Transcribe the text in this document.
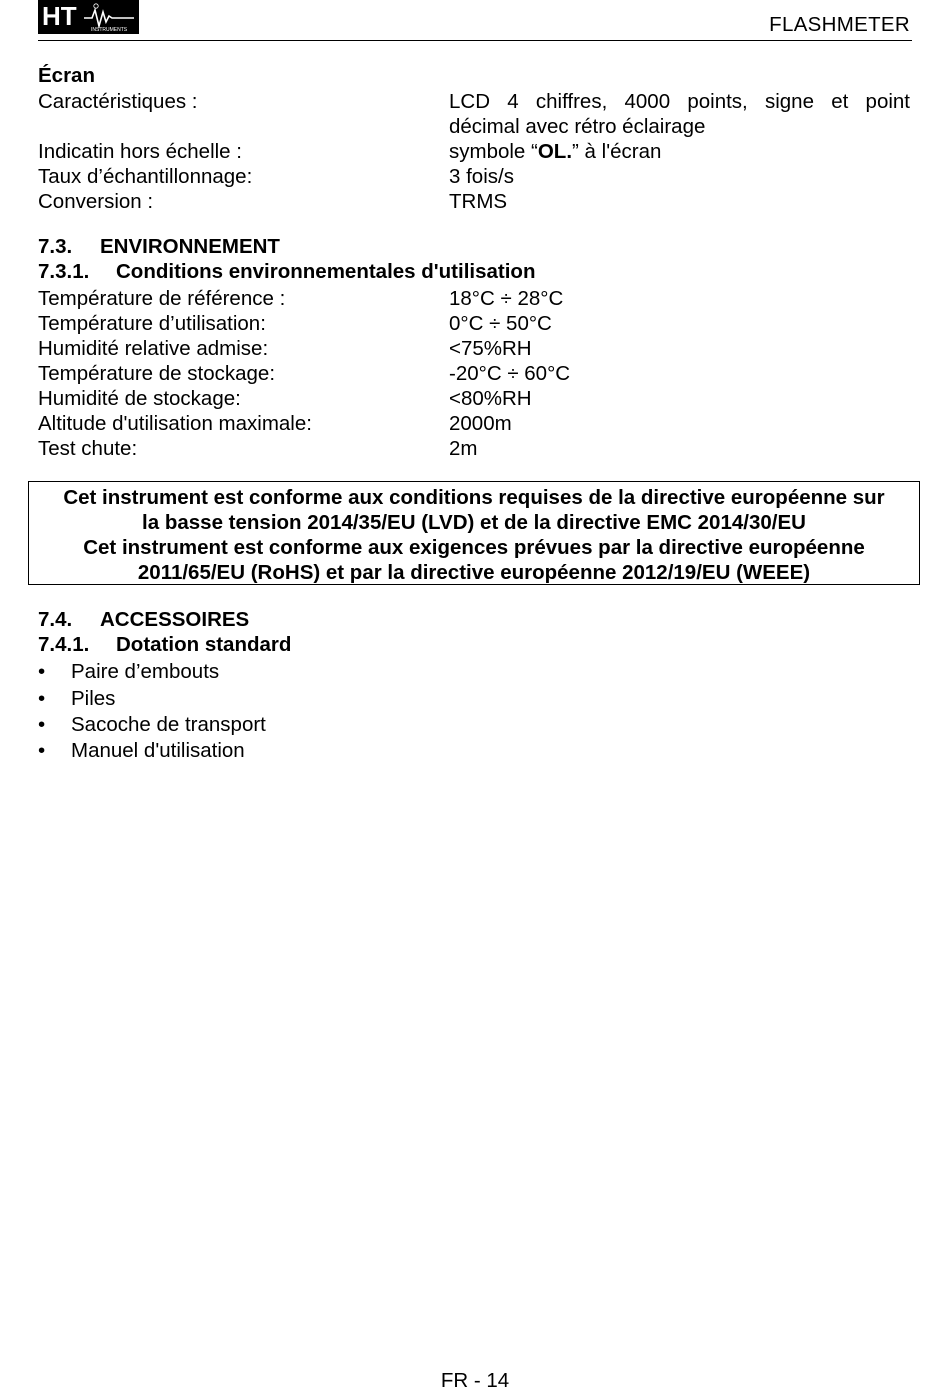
HT	INSTRUMENTS	FLASHMETER
Écran
Caractéristiques :	LCD 4 chiffres, 4000 points, signe et point
décimal avec rétro éclairage
Indicatin hors échelle :	symbole “OL.” à l'écran
Taux d’échantillonnage:	3 fois/s
Conversion :	TRMS
7.3. ENVIRONNEMENT
7.3.1. Conditions environnementales d'utilisation
Température de référence :	18°C ÷ 28°C
Température d’utilisation:	0°C ÷ 50°C
Humidité relative admise:	<75%RH
Température de stockage:	-20°C ÷ 60°C
Humidité de stockage:	<80%RH
Altitude d'utilisation maximale:	2000m
Test chute:	2m
Cet instrument est conforme aux conditions requises de la directive européenne sur
la basse tension 2014/35/EU (LVD) et de la directive EMC 2014/30/EU
Cet instrument est conforme aux exigences prévues par la directive européenne
2011/65/EU (RoHS) et par la directive européenne 2012/19/EU (WEEE)
7.4. ACCESSOIRES
7.4.1. Dotation standard
• Paire d’embouts
• Piles
• Sacoche de transport
• Manuel d'utilisation
FR - 14
